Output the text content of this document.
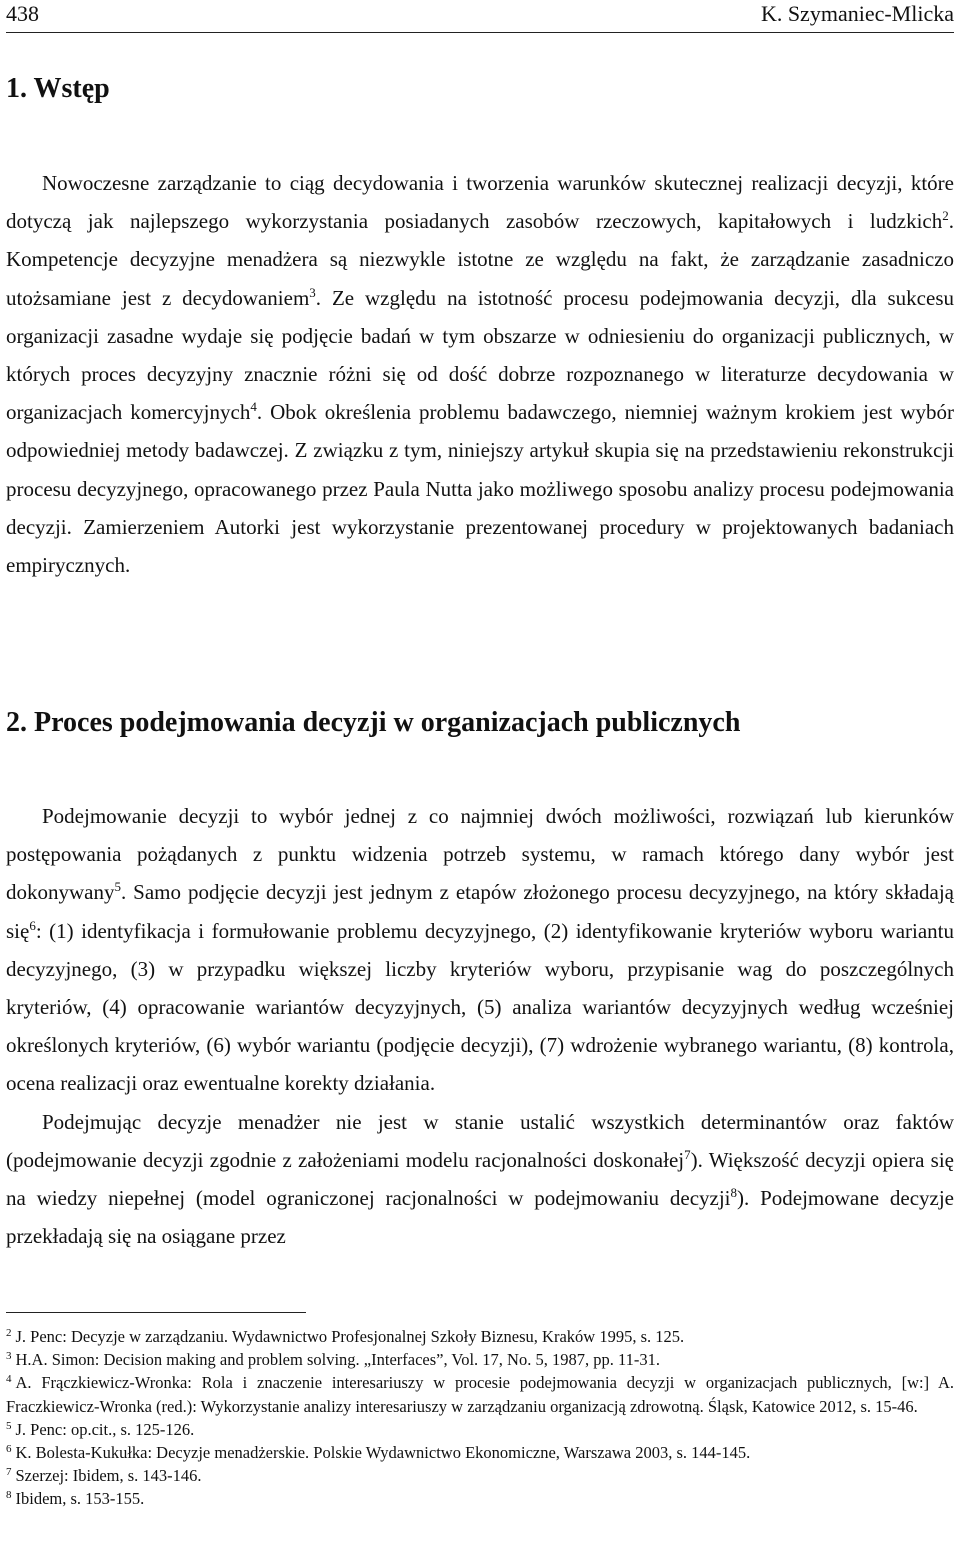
438	K. Szymaniec-Mlicka
1. Wstęp

Nowoczesne zarządzanie to ciąg decydowania i tworzenia warunków skutecznej realizacji decyzji, które dotyczą jak najlepszego wykorzystania posiadanych zasobów rzeczowych, kapitałowych i ludzkich$^2$. Kompetencje decyzyjne menadżera są niezwykle istotne ze względu na fakt, że zarządzanie zasadniczo utożsamiane jest z decydowaniem$^3$. Ze względu na istotność procesu podejmowania decyzji, dla sukcesu organizacji zasadne wydaje się podjęcie badań w tym obszarze w odniesieniu do organizacji publicznych, w których proces decyzyjny znacznie różni się od dość dobrze rozpoznanego w literaturze decydowania w organizacjach komercyjnych$^4$. Obok określenia problemu badawczego, niemniej ważnym krokiem jest wybór odpowiedniej metody badawczej. Z związku z tym, niniejszy artykuł skupia się na przedstawieniu rekonstrukcji procesu decyzyjnego, opracowanego przez Paula Nutta jako możliwego sposobu analizy procesu podejmowania decyzji. Zamierzeniem Autorki jest wykorzystanie prezentowanej procedury w projektowanych badaniach empirycznych.

2. Proces podejmowania decyzji w organizacjach publicznych

Podejmowanie decyzji to wybór jednej z co najmniej dwóch możliwości, rozwiązań lub kierunków postępowania pożądanych z punktu widzenia potrzeb systemu, w ramach którego dany wybór jest dokonywany$^5$. Samo podjęcie decyzji jest jednym z etapów złożonego procesu decyzyjnego, na który składają się$^6$: (1) identyfikacja i formułowanie problemu decyzyjnego, (2) identyfikowanie kryteriów wyboru wariantu decyzyjnego, (3) w przypadku większej liczby kryteriów wyboru, przypisanie wag do poszczególnych kryteriów, (4) opracowanie wariantów decyzyjnych, (5) analiza wariantów decyzyjnych według wcześniej określonych kryteriów, (6) wybór wariantu (podjęcie decyzji), (7) wdrożenie wybranego wariantu, (8) kontrola, ocena realizacji oraz ewentualne korekty działania.

Podejmując decyzje menadżer nie jest w stanie ustalić wszystkich determinantów oraz faktów (podejmowanie decyzji zgodnie z założeniami modelu racjonalności doskonałej$^7$). Większość decyzji opiera się na wiedzy niepełnej (model ograniczonej racjonalności w podejmowaniu decyzji$^8$). Podejmowane decyzje przekładają się na osiągane przez

$^2$ J. Penc: Decyzje w zarządzaniu. Wydawnictwo Profesjonalnej Szkoły Biznesu, Kraków 1995, s. 125.

$^3$ H.A. Simon: Decision making and problem solving. „Interfaces”, Vol. 17, No. 5, 1987, pp. 11-31.

$^4$ A. Frączkiewicz-Wronka: Rola i znaczenie interesariuszy w procesie podejmowania decyzji w organizacjach publicznych, [w:] A. Fraczkiewicz-Wronka (red.): Wykorzystanie analizy interesariuszy w zarządzaniu organizacją zdrowotną. Śląsk, Katowice 2012, s. 15-46.

$^5$ J. Penc: op.cit., s. 125-126.

$^6$ K. Bolesta-Kukułka: Decyzje menadżerskie. Polskie Wydawnictwo Ekonomiczne, Warszawa 2003, s. 144-145.

$^7$ Szerzej: Ibidem, s. 143-146.

$^8$ Ibidem, s. 153-155.
